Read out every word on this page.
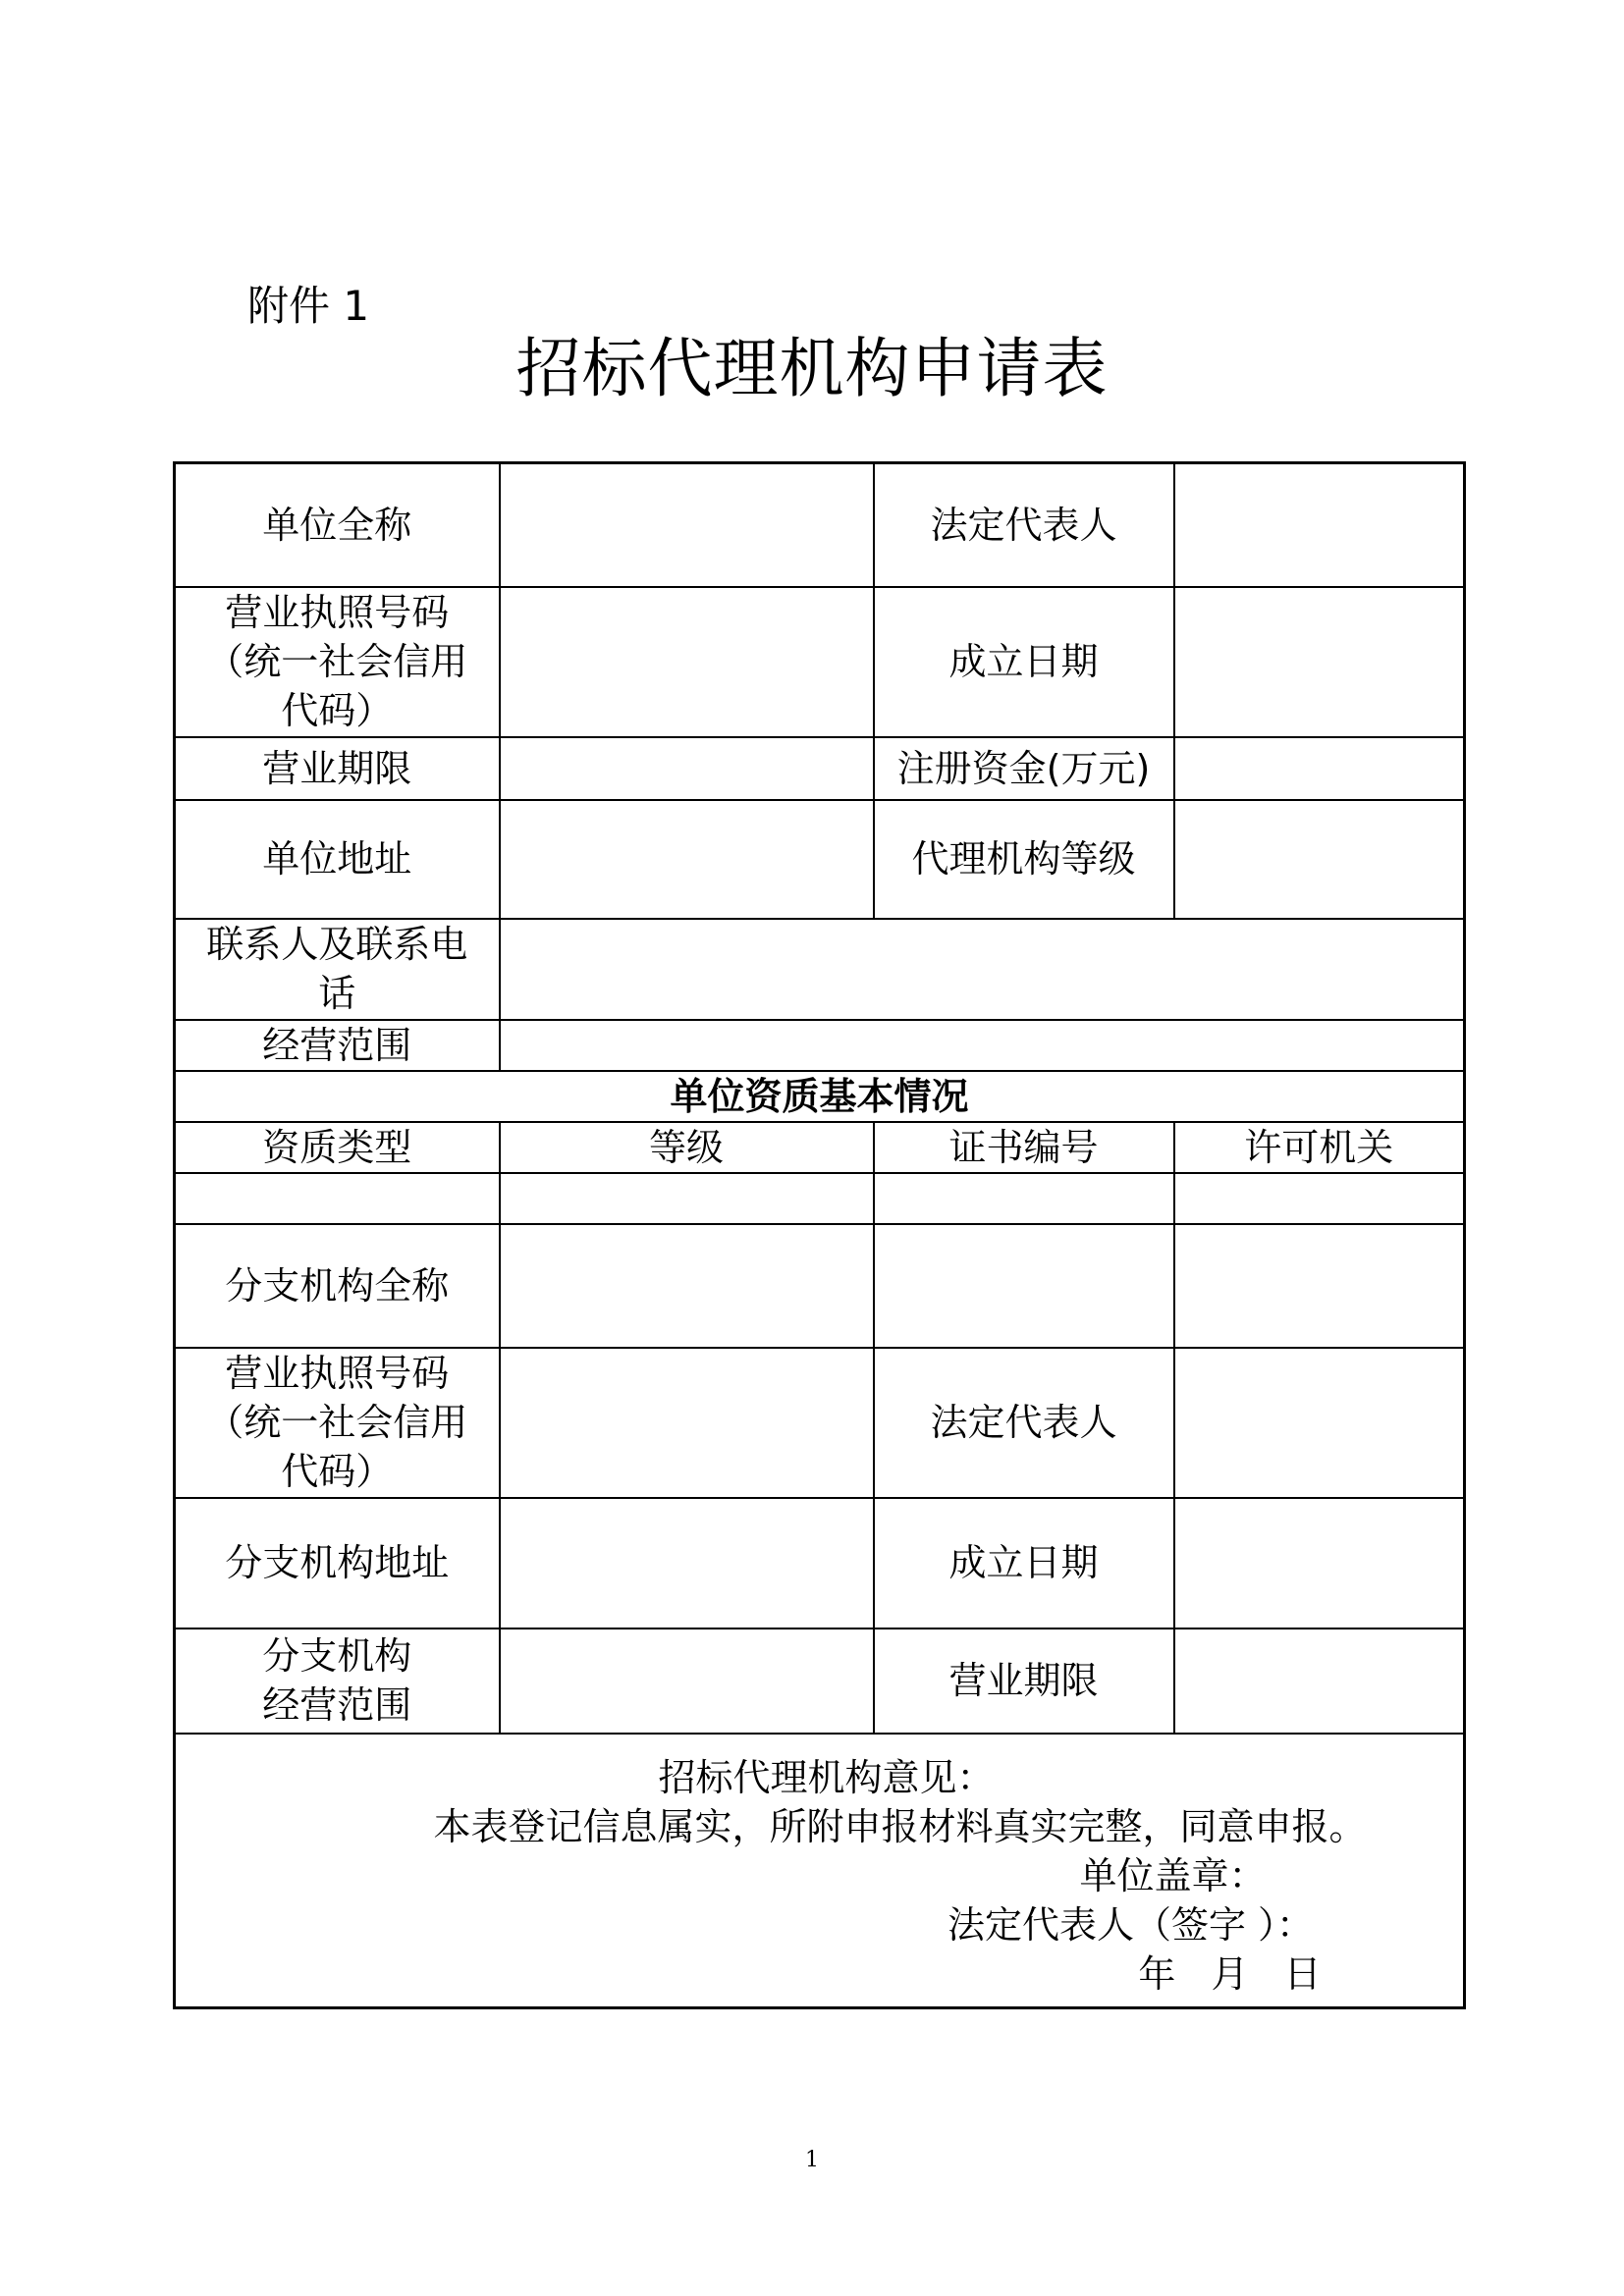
附件 1
招标代理机构申请表
单位全称		法定代表人	

营业执照号码
（统一社会信用
代码）		成立日期	
营业期限		注册资金(万元)	
单位地址		代理机构等级	

联系人及联系电
话			

经营范围			
单位资质基本情况			
资质类型	等级	证书编号	许可机关

分支机构全称			

营业执照号码
（统一社会信用
代码）		法定代表人	
分支机构地址		成立日期	

分支机构
经营范围		营业期限	

招标代理机构意见：
本表登记信息属实，所附申报材料真实完整，同意申报。
单位盖章：
法定代表人（签字 ）：
年 月 日			
1
